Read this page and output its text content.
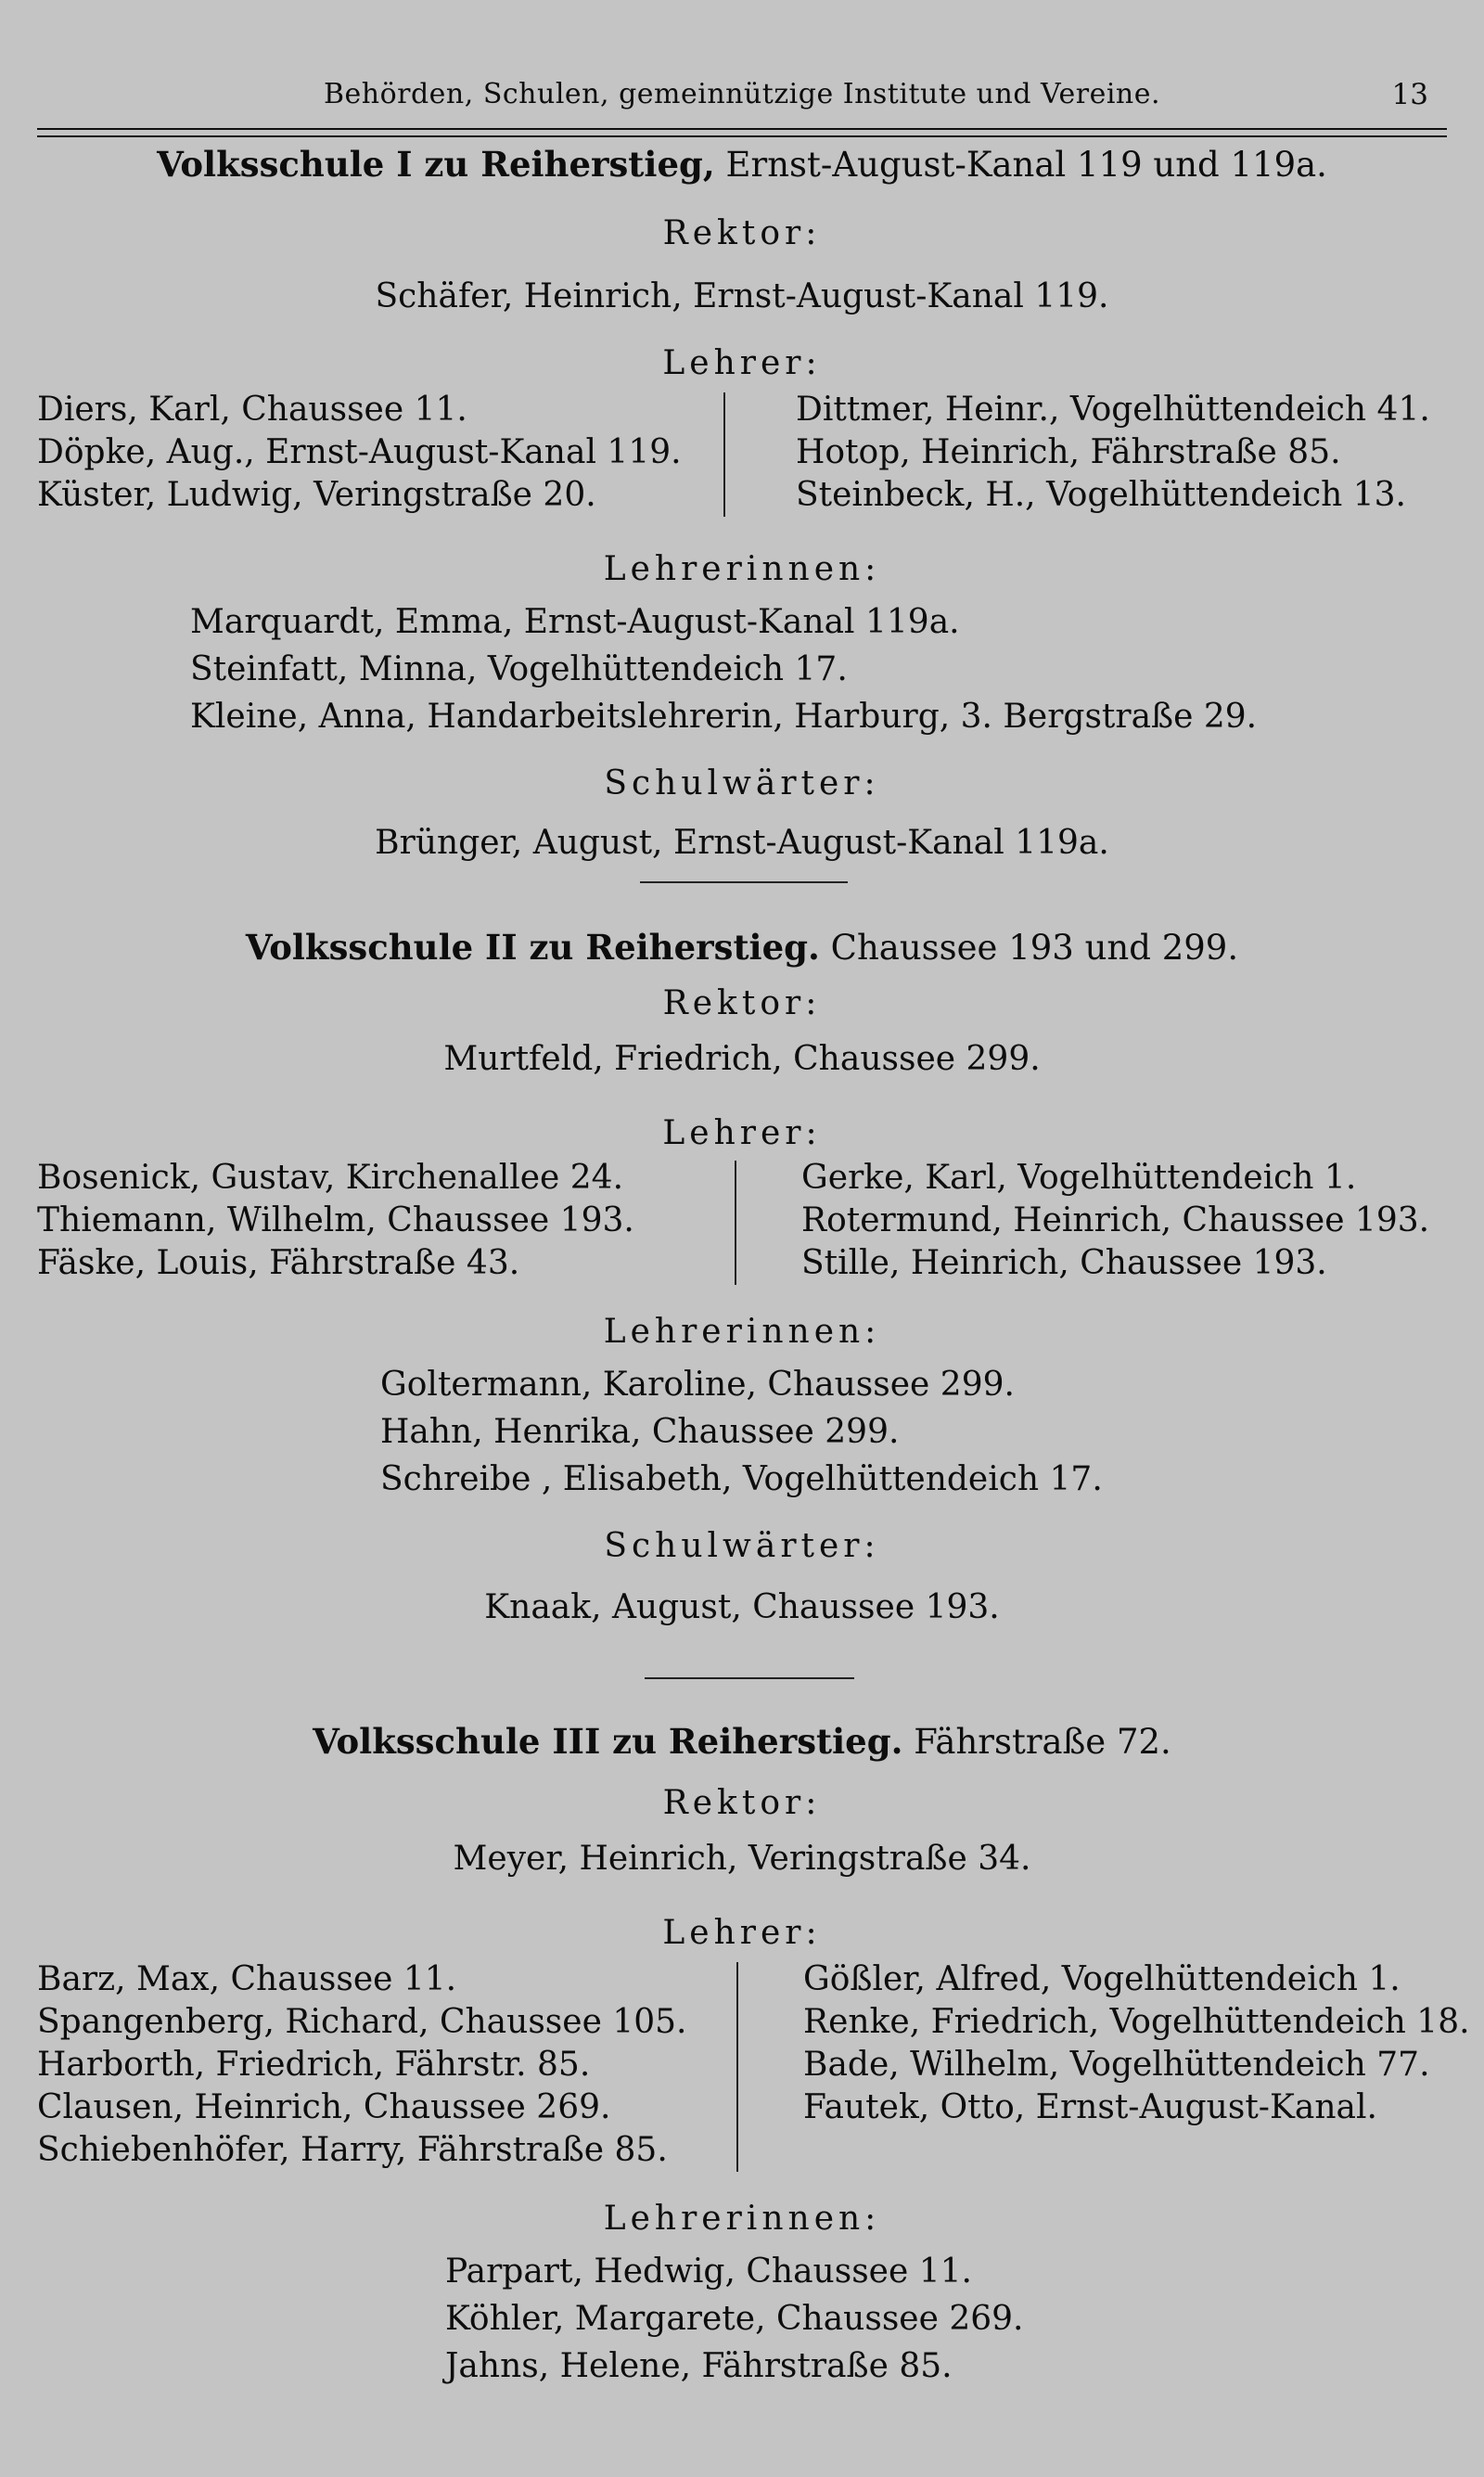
Behörden, Schulen, gemeinnützige Institute und Vereine.	13
Volksschule I zu Reiherstieg, Ernst-August-Kanal 119 und 119a.
Rektor:
Schäfer, Heinrich, Ernst-August-Kanal 119.
Lehrer:
Diers, Karl, Chaussee 11.
Döpke, Aug., Ernst-August-Kanal 119.
Küster, Ludwig, Veringstraße 20.
Dittmer, Heinr., Vogelhüttendeich 41.
Hotop, Heinrich, Fährstraße 85.
Steinbeck, H., Vogelhüttendeich 13.
Lehrerinnen:
Marquardt, Emma, Ernst-August-Kanal 119a.
Steinfatt, Minna, Vogelhüttendeich 17.
Kleine, Anna, Handarbeitslehrerin, Harburg, 3. Bergstraße 29.
Schulwärter:
Brünger, August, Ernst-August-Kanal 119a.
Volksschule II zu Reiherstieg. Chaussee 193 und 299.
Rektor:
Murtfeld, Friedrich, Chaussee 299.
Lehrer:
Bosenick, Gustav, Kirchenallee 24.
Thiemann, Wilhelm, Chaussee 193.
Fäske, Louis, Fährstraße 43.
Gerke, Karl, Vogelhüttendeich 1.
Rotermund, Heinrich, Chaussee 193.
Stille, Heinrich, Chaussee 193.
Lehrerinnen:
Goltermann, Karoline, Chaussee 299.
Hahn, Henrika, Chaussee 299.
Schreibe , Elisabeth, Vogelhüttendeich 17.
Schulwärter:
Knaak, August, Chaussee 193.
Volksschule III zu Reiherstieg. Fährstraße 72.
Rektor:
Meyer, Heinrich, Veringstraße 34.
Lehrer:
Barz, Max, Chaussee 11.
Spangenberg, Richard, Chaussee 105.
Harborth, Friedrich, Fährstr. 85.
Clausen, Heinrich, Chaussee 269.
Schiebenhöfer, Harry, Fährstraße 85.
Gößler, Alfred, Vogelhüttendeich 1.
Renke, Friedrich, Vogelhüttendeich 18.
Bade, Wilhelm, Vogelhüttendeich 77.
Fautek, Otto, Ernst-August-Kanal.
Lehrerinnen:
Parpart, Hedwig, Chaussee 11.
Köhler, Margarete, Chaussee 269.
Jahns, Helene, Fährstraße 85.
